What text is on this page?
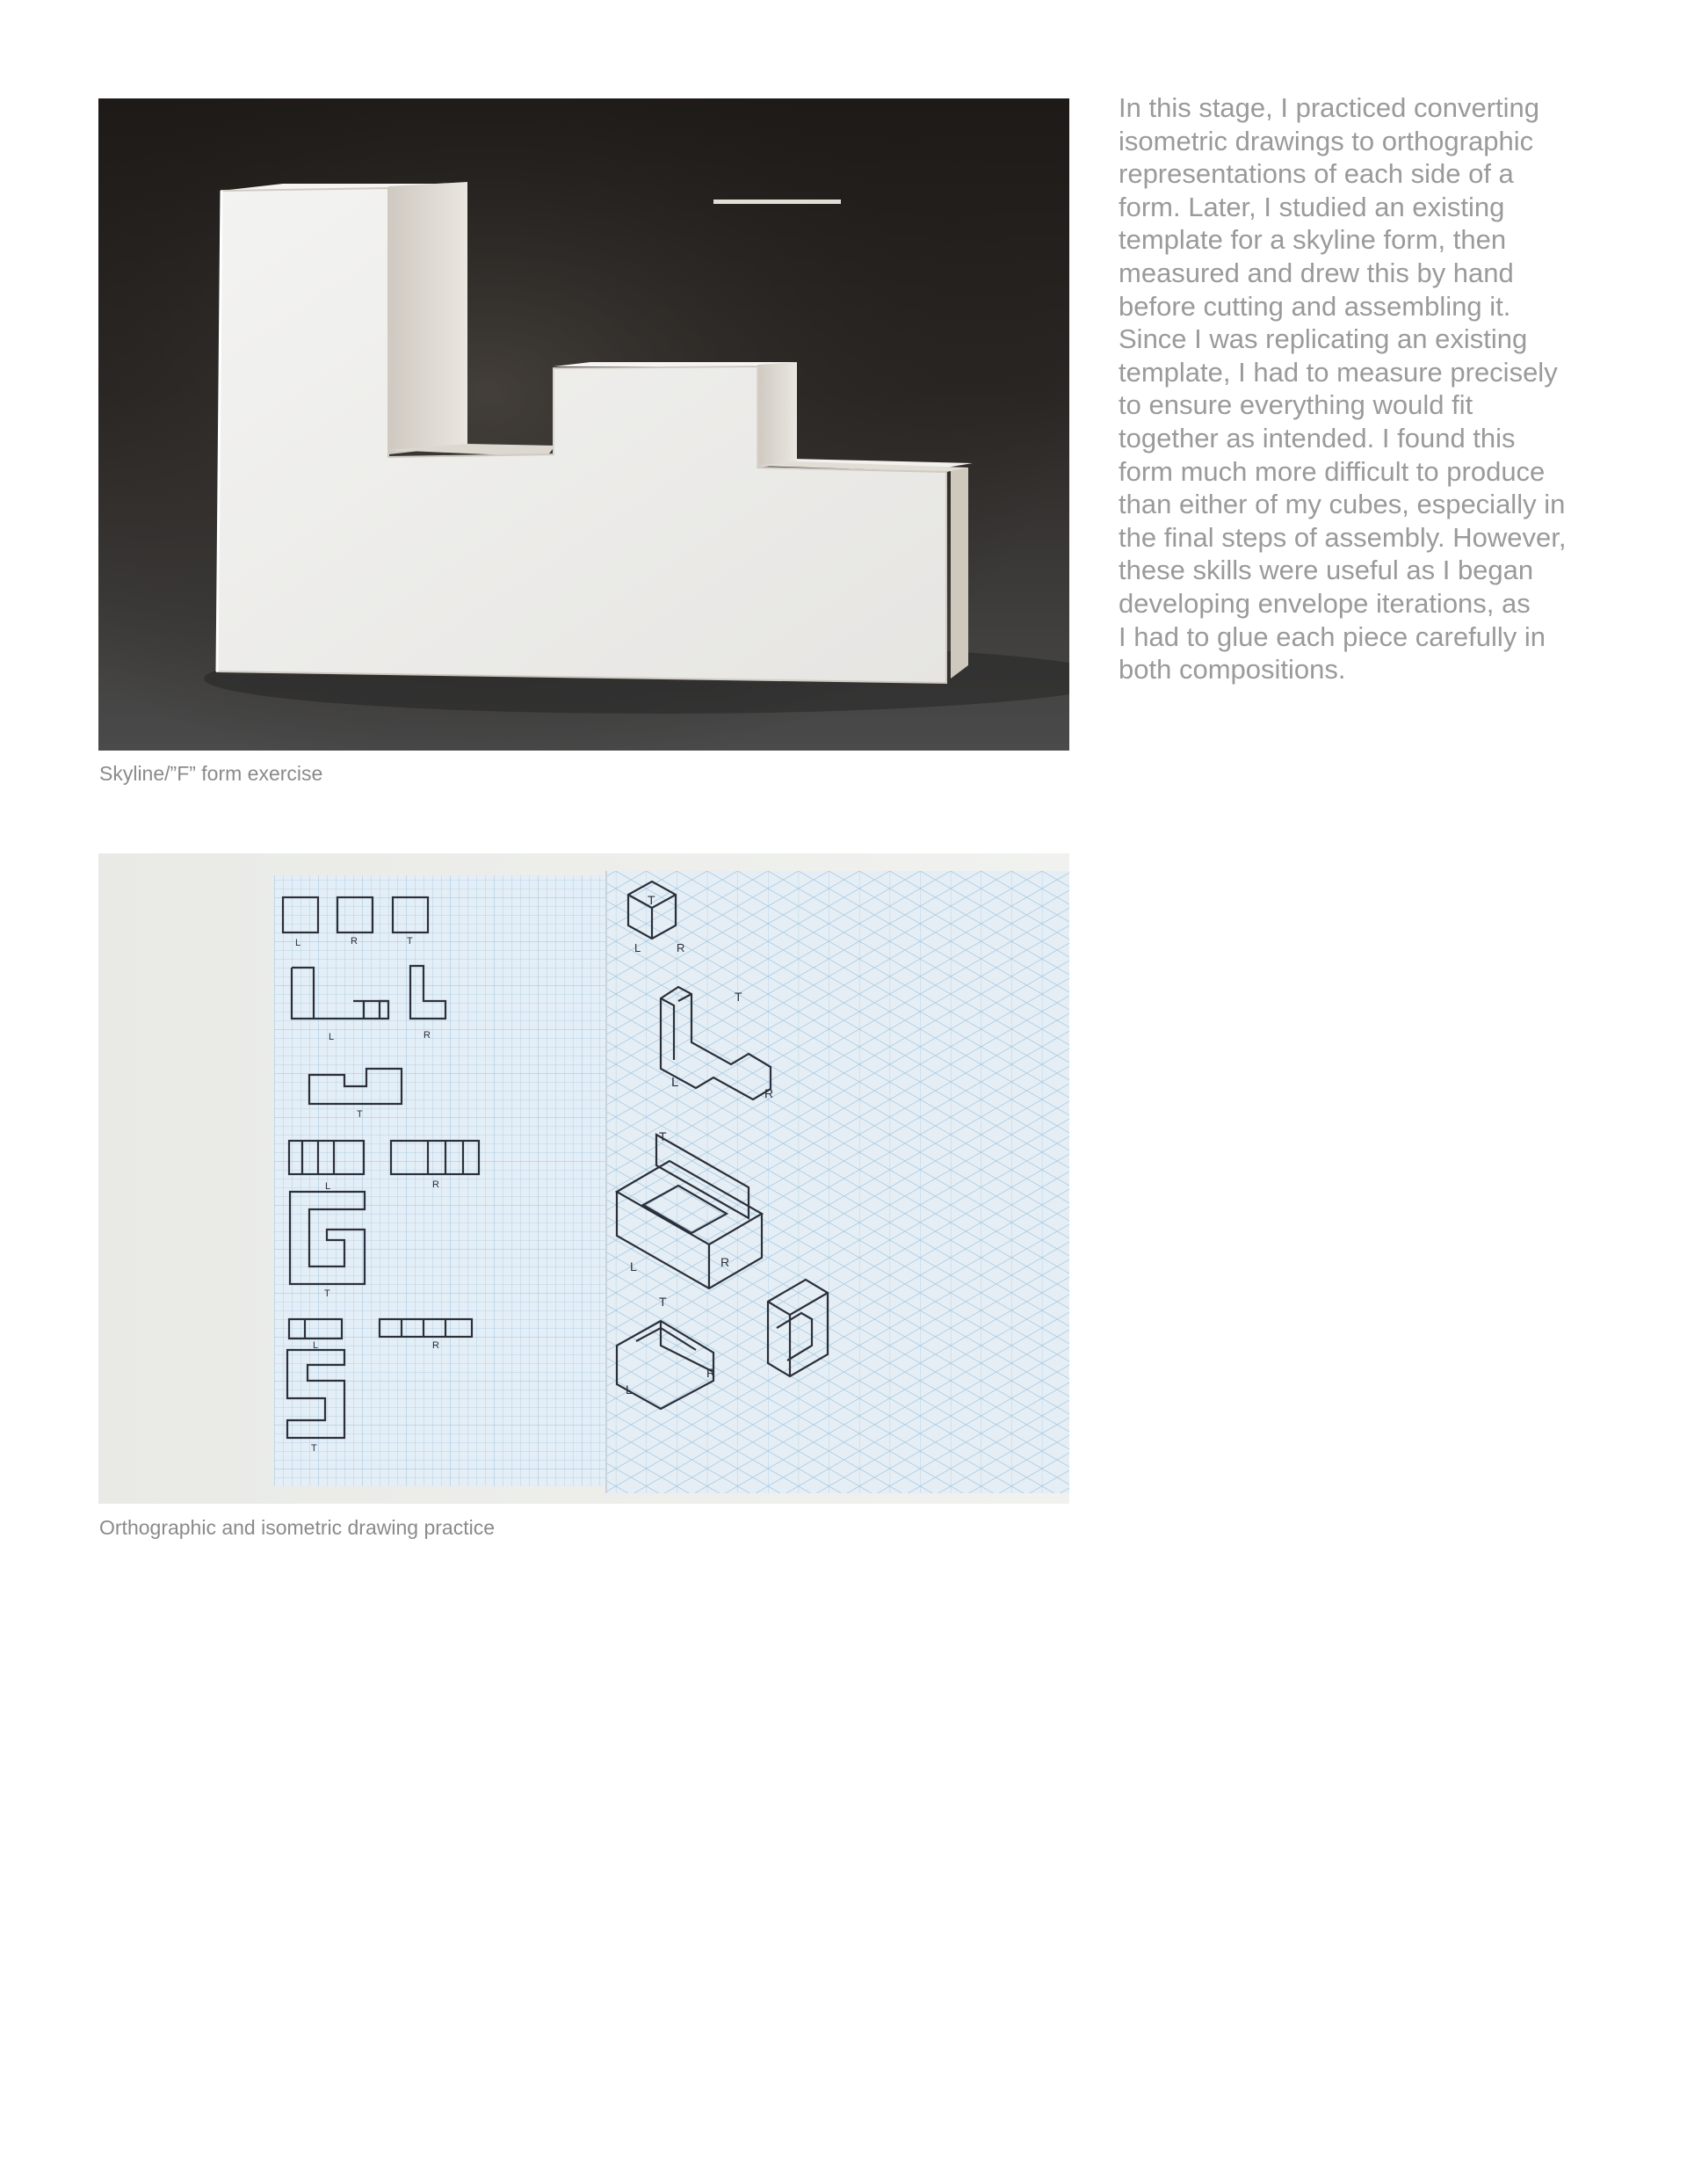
Skyline/”F” form exercise

In this stage, I practiced converting
isometric drawings to orthographic
representations of each side of a
form. Later, I studied an existing
template for a skyline form, then
measured and drew this by hand
before cutting and assembling it.
Since I was replicating an existing
template, I had to measure precisely
to ensure everything would fit
together as intended. I found this
form much more difficult to produce
than either of my cubes, especially in
the final steps of assembly. However,
these skills were useful as I began
developing envelope iterations, as
I had to glue each piece carefully in
both compositions.

L	R	T
L	R
T
L	R
T
L	R
T
T
L	R
T
L
R
T
L	R
T
L
R
Orthographic and isometric drawing practice
